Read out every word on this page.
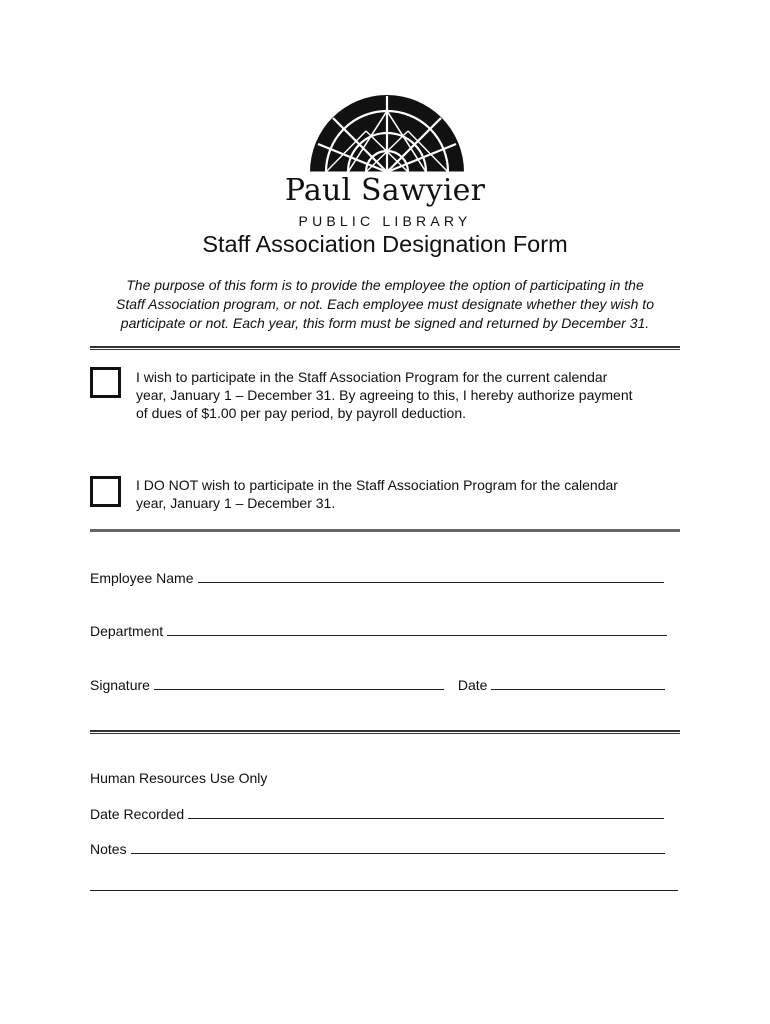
Paul Sawyier
PUBLIC LIBRARY
Staff Association Designation Form
The purpose of this form is to provide the employee the option of participating in the
Staff Association program, or not. Each employee must designate whether they wish to
participate or not. Each year, this form must be signed and returned by December 31.
I wish to participate in the Staff Association Program for the current calendar
year, January 1 – December 31. By agreeing to this, I hereby authorize payment
of dues of $1.00 per pay period, by payroll deduction.
I DO NOT wish to participate in the Staff Association Program for the calendar
year, January 1 – December 31.
Employee Name
Department
Signature	Date
Human Resources Use Only
Date Recorded
Notes
